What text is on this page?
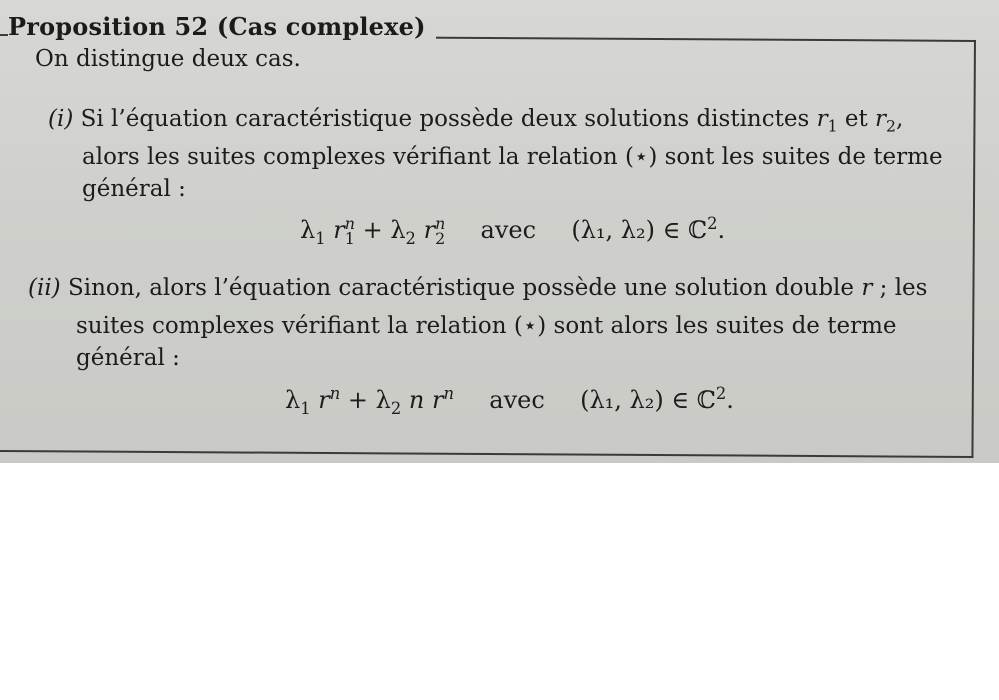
Proposition 52 (Cas complexe)
On distingue deux cas.
(i) Si l’équation caractéristique possède deux solutions distinctes $r_1$ et $r_2$,
alors les suites complexes vérifiant la relation (⋆) sont les suites de terme
général :
$\lambda_1$ r n
$1 + \lambda_2$ r n
2 avec (λ₁, λ₂) ∈ ℂ$^2$.
(ii) Sinon, alors l’équation caractéristique possède une solution double r ; les
suites complexes vérifiant la relation (⋆) sont alors les suites de terme
général :
$\lambda_1$ $r^n + \lambda_2$ n $r^n$ avec (λ₁, λ₂) ∈ ℂ$^2$.
